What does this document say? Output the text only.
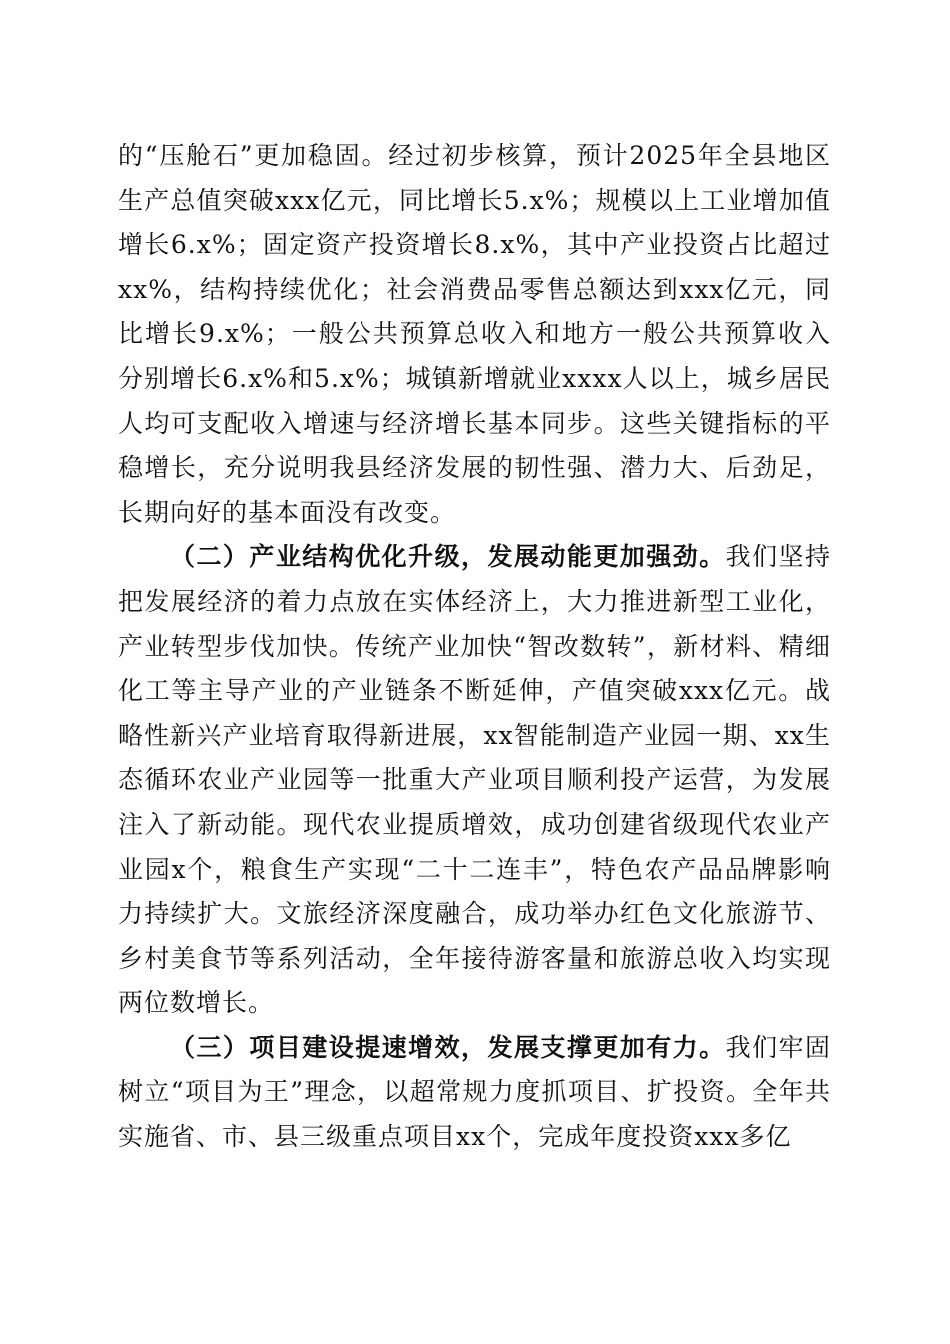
的“压舱石”更加稳固。经过初步核算，预计2025年全县地区生产总值突破xxx亿元，同比增长5.x%；规模以上工业增加值增长6.x%；固定资产投资增长8.x%，其中产业投资占比超过xx%，结构持续优化；社会消费品零售总额达到xxx亿元，同比增长9.x%；一般公共预算总收入和地方一般公共预算收入分别增长6.x%和5.x%；城镇新增就业xxxx人以上，城乡居民人均可支配收入增速与经济增长基本同步。这些关键指标的平稳增长，充分说明我县经济发展的韧性强、潜力大、后劲足，长期向好的基本面没有改变。

（二）产业结构优化升级，发展动能更加强劲。我们坚持把发展经济的着力点放在实体经济上，大力推进新型工业化，产业转型步伐加快。传统产业加快“智改数转”，新材料、精细化工等主导产业的产业链条不断延伸，产值突破xxx亿元。战略性新兴产业培育取得新进展，xx智能制造产业园一期、xx生态循环农业产业园等一批重大产业项目顺利投产运营，为发展注入了新动能。现代农业提质增效，成功创建省级现代农业产业园x个，粮食生产实现“二十二连丰”，特色农产品品牌影响力持续扩大。文旅经济深度融合，成功举办红色文化旅游节、乡村美食节等系列活动，全年接待游客量和旅游总收入均实现两位数增长。

（三）项目建设提速增效，发展支撑更加有力。我们牢固树立“项目为王”理念，以超常规力度抓项目、扩投资。全年共实施省、市、县三级重点项目xx个，完成年度投资xxx多亿
